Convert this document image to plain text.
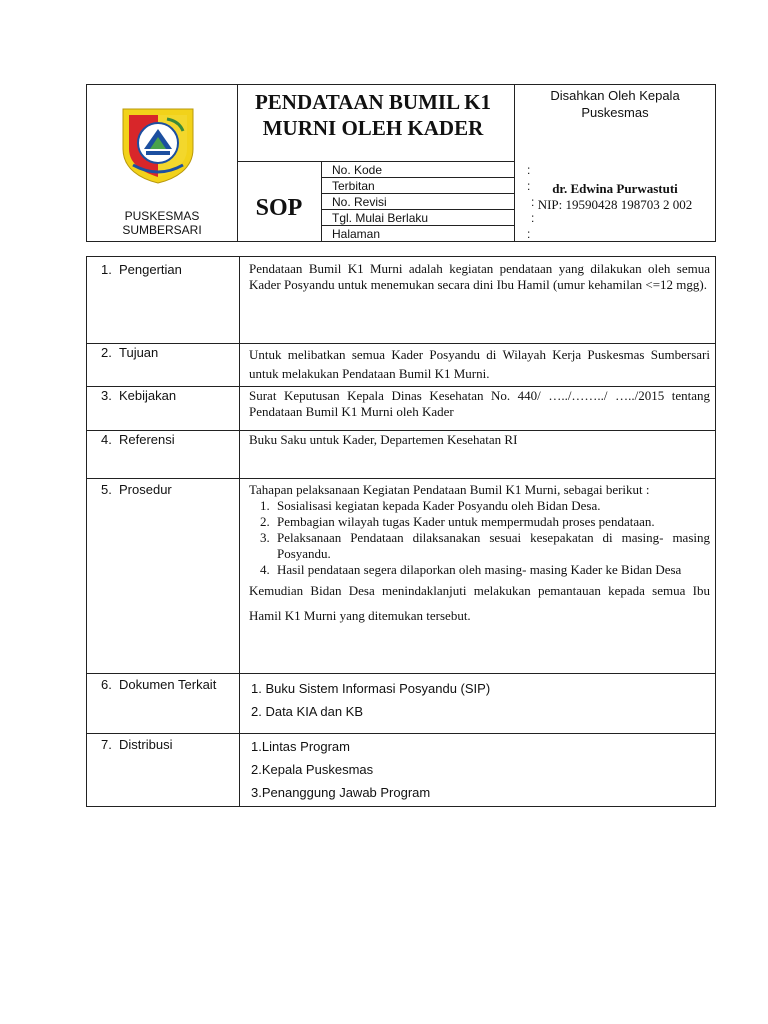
PUSKESMAS
SUMBERSARI
PENDATAAN BUMIL K1
MURNI OLEH KADER
SOP
No. Kode	:
Terbitan	:
No. Revisi	:
Tgl. Mulai Berlaku	:
Halaman	:
Disahkan Oleh Kepala
Puskesmas
dr. Edwina Purwastuti
NIP: 19590428 198703 2 002
1. Pengertian	Pendataan Bumil K1 Murni adalah kegiatan pendataan yang dilakukan oleh semua Kader Posyandu untuk menemukan secara dini Ibu Hamil (umur kehamilan <=12 mgg).
2. Tujuan	Untuk melibatkan semua Kader Posyandu di Wilayah Kerja Puskesmas Sumbersari untuk melakukan Pendataan Bumil K1 Murni.
3. Kebijakan	Surat Keputusan Kepala Dinas Kesehatan No. 440/ …../……../ …../2015 tentang Pendataan Bumil K1 Murni oleh Kader
4. Referensi	Buku Saku untuk Kader, Departemen Kesehatan RI
5. Prosedur	Tahapan pelaksanaan Kegiatan Pendataan Bumil K1 Murni, sebagai berikut :
1. Sosialisasi kegiatan kepada Kader Posyandu oleh Bidan Desa.
2. Pembagian wilayah tugas Kader untuk mempermudah proses pendataan.
3. Pelaksanaan Pendataan dilaksanakan sesuai kesepakatan di masing- masing Posyandu.
4. Hasil pendataan segera dilaporkan oleh masing- masing Kader ke Bidan Desa
Kemudian Bidan Desa menindaklanjuti melakukan pemantauan kepada semua Ibu Hamil K1 Murni yang ditemukan tersebut.
6. Dokumen Terkait	1. Buku Sistem Informasi Posyandu (SIP)
2. Data KIA dan KB
7. Distribusi	1.Lintas Program
2.Kepala Puskesmas
3.Penanggung Jawab Program
